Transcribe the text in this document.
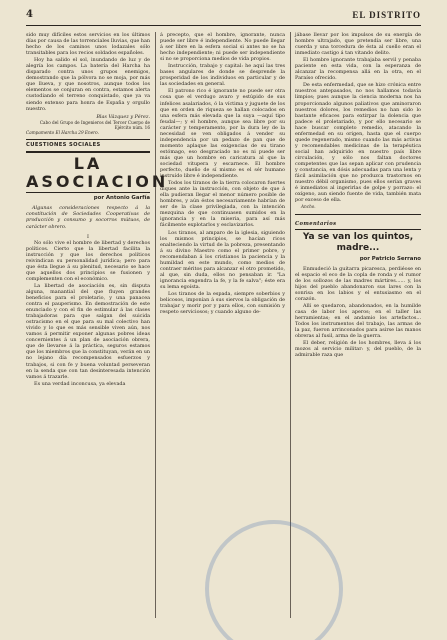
4	EL DISTRITO

sido muy difíciles estos servicios en los últimos días por causa de las torrenciales lluvias, que han hecho de los caminos unos lodazales sólo transitables para los recios soldados españoles.

Hoy ha salido el sol, inundando de luz y de alegría los campos. La batería del Harcha ha disparado contra unos grupos enemigos, demostrando que la pólvora no se moja, por más que llueva, y que nosotros, aunque todos los elementos se conjuran en contra, estamos alerta custodiando el terreno conquistado, que ya va siendo extenso para honra de España y orgullo nuestro.

Blas Vázquez y Pérez.
Cabo del Grupo de Ingenieros del Tercer Cuerpo de Ejército núm. 16
Campamento El Harcha 29 Enero.
CUESTIONES SOCIALES
LA ASOCIACION
por Antonio Garfía

Algunas consideraciones respecto á la constitución de Sociedades Cooperativas de producción y consumo y socorros mútuos, de carácter obrero.

I

No sólo vive el hombre de libertad y derechos políticos. Cierto que la libertad facilita la instrucción y que los derechos políticos reivindican su personalidad jurídica; pero para que ésta llegue á su plenitud, necesario se hace que aquellos dos principios se fusionen y complementen con el económico.

La libertad de asociación es, sin disputa alguna, manantial del que fluyen grandes beneficios para el proletario, y una panacea contra el pauperismo. En demostración de este enunciado y con el fin de estimular á las clases trabajadoras para que salgan del suicida ostracismo en el que para su mal colectivo han vivido y lo que es más sensible viven aún, nos vamos á permitir exponer algunas pobres ideas concernientes á un plan de asociación obrera, que de llevarse á la práctica, seguros estamos que los miembros que la constituyan, verán en un no lejano día recompensados esfuerzos y trabajos, si con fe y buena voluntad perseveran en la senda que con tan desinteresada intención vamos á trazarle.

Es una verdad inconcusa, ya elevada

á precepto, que el hombre, ignorante, nunca puede ser libre é independiente. No puede llegar á ser libre en la esfera social si antes no se ha hecho independiente; ni puede ser independiente si no se proporciona medios de vida propios.

Instrucción, trabajo y capital: he aquí las tres bases angulares de donde se desprende la prosperidad de los individuos en particular y de las sociedades en general.

El patrono rico é ignorante no puede ser otra cosa que el verdugo avaro y estúpido de sus infelices asalariados, ó la víctima y juguete de los que en orden de riqueza se hallan colocados en una esfera más elevada que la suya —aquí tipo feudal—; y el hombre, aunque sea libre por su carácter y temperamento, por la dura ley de la necesidad se ven obligados á vender su independencia por un pedazo de pan que de momento aplaque las exigencias de su tirano estómago, eso desgraciado no es ni puede ser más que un hombre en caricatura al que la sociedad vitupera y escarnece. El hombre perfecto, dueño de sí mismo es el sér humano instruído libre é independiente.

Todos los tiranos de la tierra colocaron fuertes diques ante la instrucción, con objeto de que á ella pudieran llegar el menor número posible de hombres, y aún éstos necesariamente habrían de ser de la clase privilegiada, con la intención mezquina de que continuasen sumidos en la ignorancia y en la miseria, para así más fácilmente explotarlos y esclavizarlos.

Los tiranos, al amparo de la iglesia, siguiendo los mismos principios, se hacían ricos enalteciendo la virtud de la pobreza, presentando á su divino Maestro como el primer pobre, y recomendaban á los cristianos la paciencia y la humildad en este mundo, como medios de contraer méritos para alcanzar el otro prometido, al que, sin duda, ellos no pensaban ir. "La ignorancia engendra la fe, y la fe salva"; éste era su lema egoísta.

Los tiranos de la espada, siempre soberbios y belicosos, imponían á sus siervos la obligación de trabajar y morir por y para ellos, con sumisión y respeto serviciosos; y cuando alguno de-

jábase llevar por los impulsos de su energía de hombre ultrajado, que pretendía ser libre, una cuerda y una torcedura de ésta al cuello eran el inmediato castigo á tan vitando delito.

El hombre ignorante trabajaba servil y penaba paciente en esta vida, con la esperanza de alcanzar la recompensa allá en la otra, en el Paraíso ofrecido.

De esta enfermedad, que se hizo crónica entre nuestros antepasados, no nos hallamos todavía limpios; pues aunque la ciencia moderna nos ha proporcionado algunos paliativos que aminoraron nuestros dolores, los remedios no han sido lo bastante eficaces para extirpar la dolencia que padece el proletariado, y por ello necesario se hace buscar completo remedio, atacando la enfermedad en su origen, hasta que el cuerpo quede regenerado, mismo cuando las más activas y recomendables medicinas de la terapéutica social han adquirido en nuestro país libre circulación, y sólo nos faltan doctores competentes que las sepan aplicar con prudencia y constancia, en dósis adecuadas para una lenta y fácil asimilación que no produzca trastornos en nuestro débil organismo, pues ellos serían graves é inmediatos al ingerirlas de golpe y porrazo: el oxígeno, aun siendo fuente de vida, también mata por exceso de ella.

Ancho.
Comentarios
Ya se van los quintos, madre...
por Patricio Serrano

Enmudeció la guitarra picaresca, perdiéose en el espacio el eco de la copla de ronda y el rumor de los sollozos de las madres mártires...... y, los hijos del pueblo abandonaron sus lares con la sonrisa en los labios y el entusiasmo en el corazón.

Allí se quedaron, abandonados, en la humilde casa de labor los aperos; en el taller las herramientas; en el andamio los artefactos... Todos los instrumentos del trabajo, las armas de la paz, fueron arrinconados para asirse las manos obreras al fusil, arma de la guerra.

El deber, religión de los hombres, lleva á los mozos al servicio militar: y, del pueblo, de la admirable raza que
